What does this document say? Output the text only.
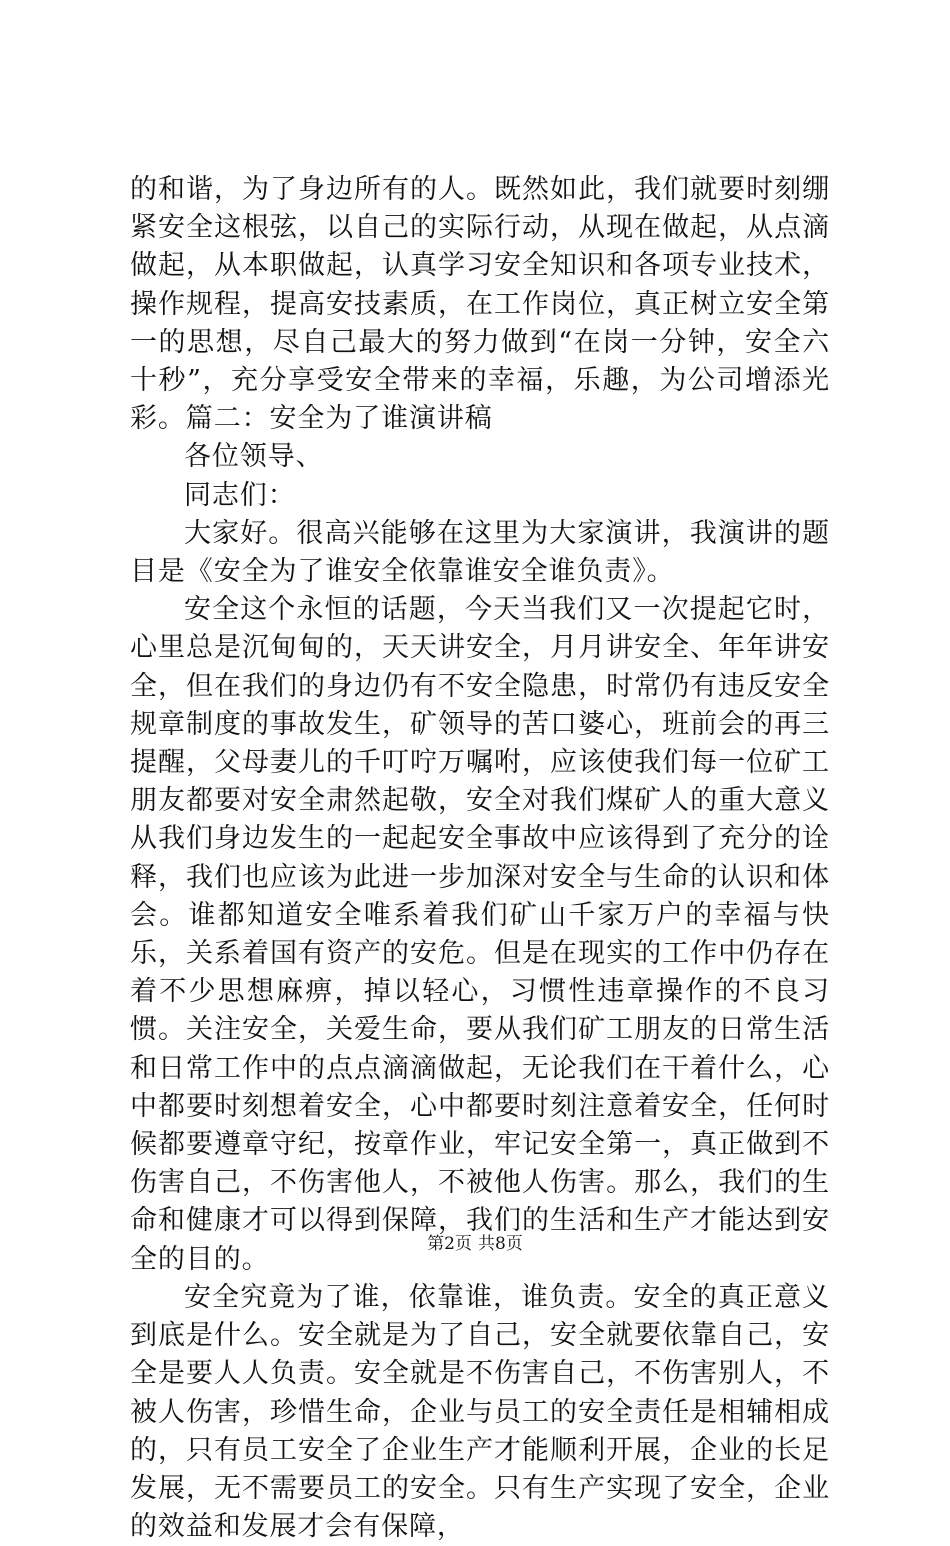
的和谐，为了身边所有的人。既然如此，我们就要时刻绷紧安全这根弦，以自己的实际行动，从现在做起，从点滴做起，从本职做起，认真学习安全知识和各项专业技术，操作规程，提高安技素质，在工作岗位，真正树立安全第一的思想，尽自己最大的努力做到“在岗一分钟，安全六十秒”，充分享受安全带来的幸福，乐趣，为公司增添光彩。篇二：安全为了谁演讲稿

各位领导、

同志们：

大家好。很高兴能够在这里为大家演讲，我演讲的题目是《安全为了谁安全依靠谁安全谁负责》。

安全这个永恒的话题，今天当我们又一次提起它时，心里总是沉甸甸的，天天讲安全，月月讲安全、年年讲安全，但在我们的身边仍有不安全隐患，时常仍有违反安全规章制度的事故发生，矿领导的苦口婆心，班前会的再三提醒，父母妻儿的千叮咛万嘱咐，应该使我们每一位矿工朋友都要对安全肃然起敬，安全对我们煤矿人的重大意义从我们身边发生的一起起安全事故中应该得到了充分的诠释，我们也应该为此进一步加深对安全与生命的认识和体会。谁都知道安全唯系着我们矿山千家万户的幸福与快乐，关系着国有资产的安危。但是在现实的工作中仍存在着不少思想麻痹，掉以轻心，习惯性违章操作的不良习惯。关注安全，关爱生命，要从我们矿工朋友的日常生活和日常工作中的点点滴滴做起，无论我们在干着什么，心中都要时刻想着安全，心中都要时刻注意着安全，任何时候都要遵章守纪，按章作业，牢记安全第一，真正做到不伤害自己，不伤害他人，不被他人伤害。那么，我们的生命和健康才可以得到保障，我们的生活和生产才能达到安全的目的。

安全究竟为了谁，依靠谁，谁负责。安全的真正意义到底是什么。安全就是为了自己，安全就要依靠自己，安全是要人人负责。安全就是不伤害自己，不伤害别人，不被人伤害，珍惜生命，企业与员工的安全责任是相辅相成的，只有员工安全了企业生产才能顺利开展，企业的长足发展，无不需要员工的安全。只有生产实现了安全，企业的效益和发展才会有保障，

第2页 共8页
